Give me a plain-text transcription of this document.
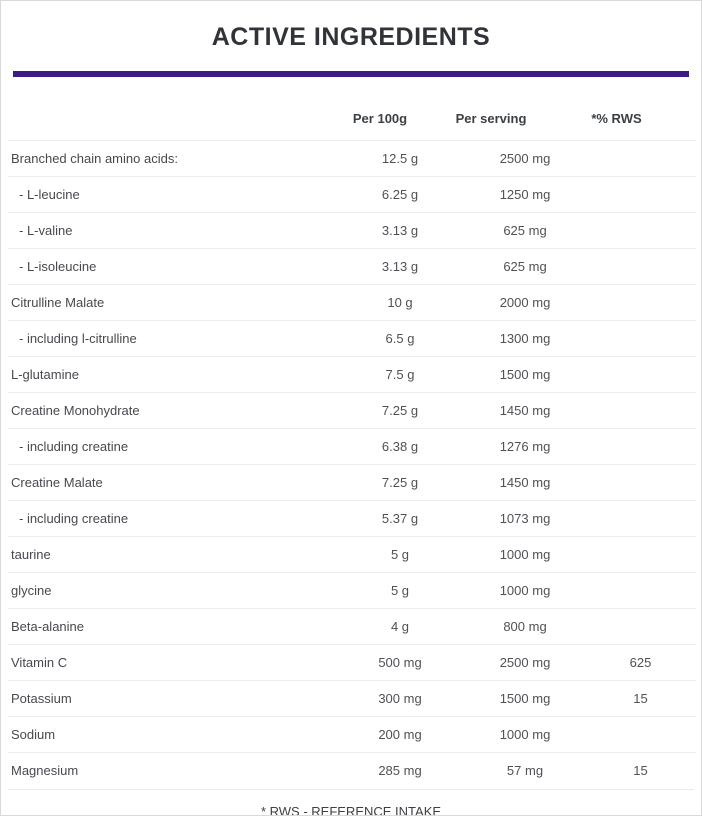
ACTIVE INGREDIENTS
	Per 100g	Per serving	*% RWS
Branched chain amino acids:	12.5 g	2500 mg	
- L-leucine	6.25 g	1250 mg	
- L-valine	3.13 g	625 mg	
- L-isoleucine	3.13 g	625 mg	
Citrulline Malate	10 g	2000 mg	
- including l-citrulline	6.5 g	1300 mg	
L-glutamine	7.5 g	1500 mg	
Creatine Monohydrate	7.25 g	1450 mg	
- including creatine	6.38 g	1276 mg	
Creatine Malate	7.25 g	1450 mg	
- including creatine	5.37 g	1073 mg	
taurine	5 g	1000 mg	
glycine	5 g	1000 mg	
Beta-alanine	4 g	800 mg	
Vitamin C	500 mg	2500 mg	625
Potassium	300 mg	1500 mg	15
Sodium	200 mg	1000 mg	
Magnesium	285 mg	57 mg	15
* RWS - REFERENCE INTAKE
